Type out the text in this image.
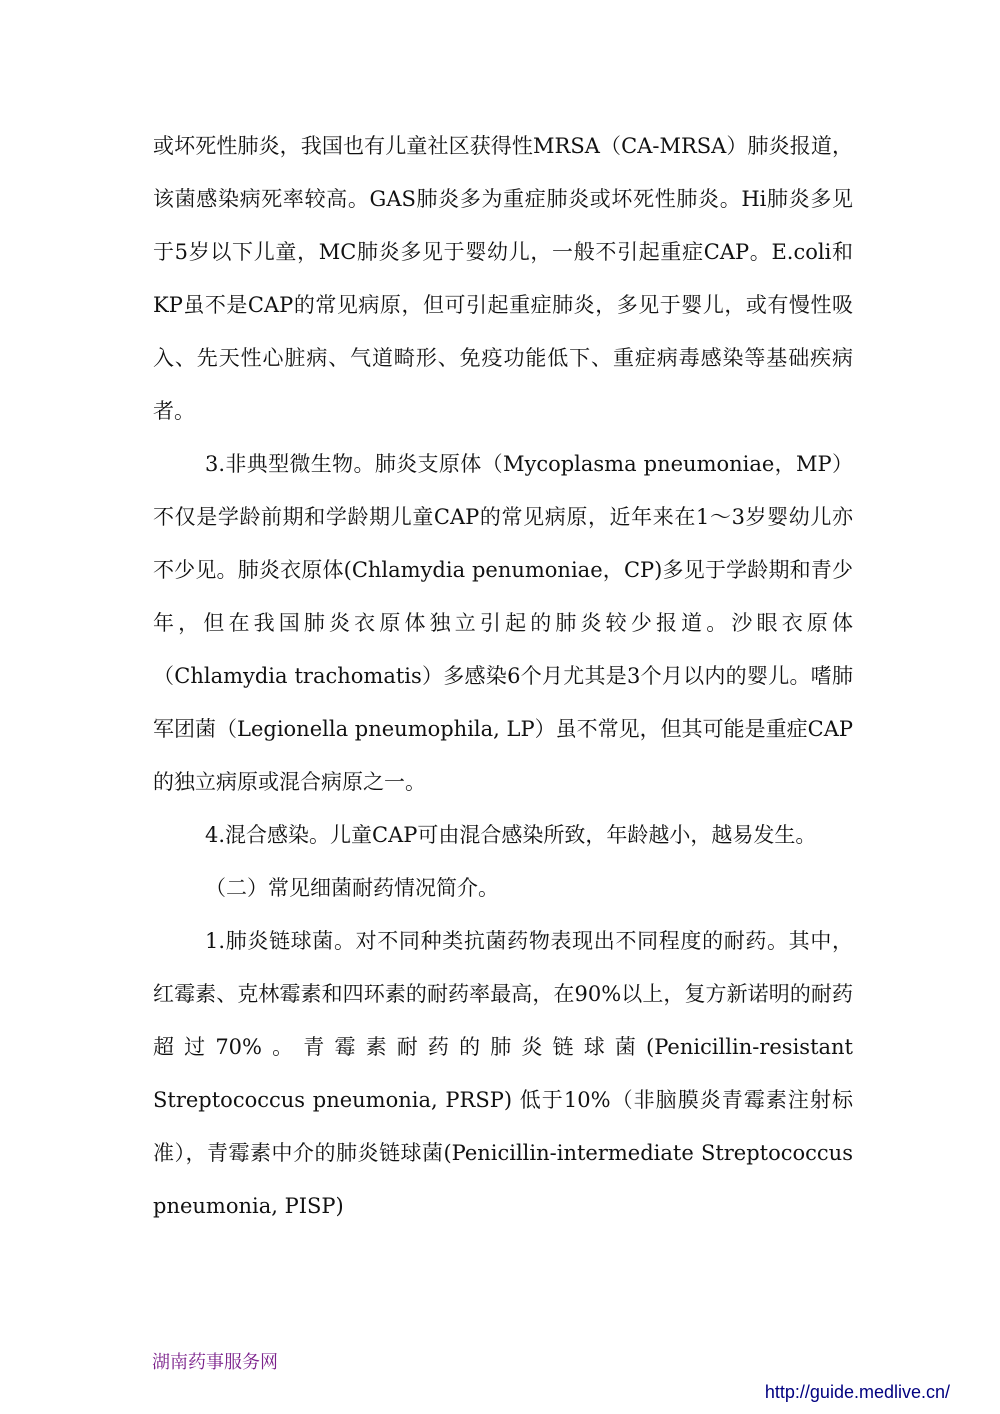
或坏死性肺炎，我国也有儿童社区获得性MRSA（CA-MRSA）肺炎报道，该菌感染病死率较高。GAS肺炎多为重症肺炎或坏死性肺炎。Hi肺炎多见于5岁以下儿童，MC肺炎多见于婴幼儿，一般不引起重症CAP。E.coli和KP虽不是CAP的常见病原，但可引起重症肺炎，多见于婴儿，或有慢性吸入、先天性心脏病、气道畸形、免疫功能低下、重症病毒感染等基础疾病者。

3.非典型微生物。肺炎支原体（Mycoplasma pneumoniae，MP）不仅是学龄前期和学龄期儿童CAP的常见病原，近年来在1～3岁婴幼儿亦不少见。肺炎衣原体(Chlamydia penumoniae，CP)多见于学龄期和青少年，但在我国肺炎衣原体独立引起的肺炎较少报道。沙眼衣原体（Chlamydia trachomatis）多感染6个月尤其是3个月以内的婴儿。嗜肺军团菌（Legionella pneumophila, LP）虽不常见，但其可能是重症CAP的独立病原或混合病原之一。

4.混合感染。儿童CAP可由混合感染所致，年龄越小，越易发生。

（二）常见细菌耐药情况简介。

1.肺炎链球菌。对不同种类抗菌药物表现出不同程度的耐药。其中，红霉素、克林霉素和四环素的耐药率最高，在90%以上，复方新诺明的耐药超过70%。青霉素耐药的肺炎链球菌(Penicillin-resistant Streptococcus pneumonia, PRSP) 低于10%（非脑膜炎青霉素注射标准），青霉素中介的肺炎链球菌(Penicillin-intermediate Streptococcus pneumonia, PISP)

湖南药事服务网
http://guide.medlive.cn/
